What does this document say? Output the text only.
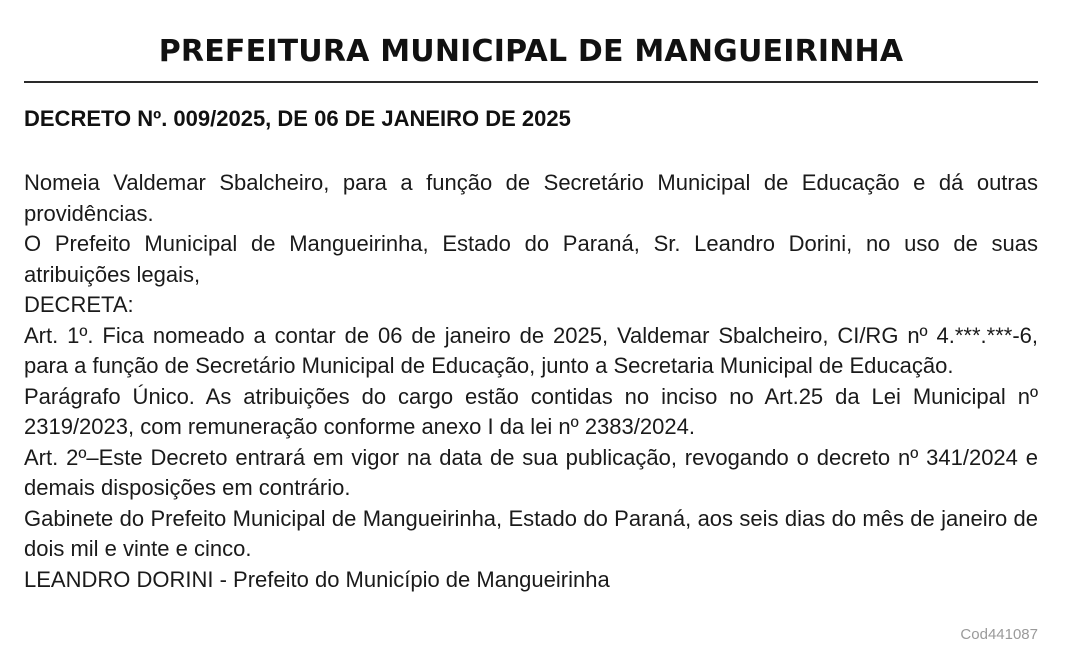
PREFEITURA MUNICIPAL DE MANGUEIRINHA
DECRETO Nº. 009/2025, DE 06 DE JANEIRO DE 2025

Nomeia Valdemar Sbalcheiro, para a função de Secretário Municipal de Educação e dá outras providências.

O Prefeito Municipal de Mangueirinha, Estado do Paraná, Sr. Leandro Dorini, no uso de suas atribuições legais,

DECRETA:

Art. 1º. Fica nomeado a contar de 06 de janeiro de 2025, Valdemar Sbalcheiro, CI/RG nº 4.***.***-6, para a função de Secretário Municipal de Educação, junto a Secretaria Municipal de Educação.

Parágrafo Único. As atribuições do cargo estão contidas no inciso no Art.25 da Lei Municipal nº 2319/2023, com remuneração conforme anexo I da lei nº 2383/2024.

Art. 2º–Este Decreto entrará em vigor na data de sua publicação, revogando o decreto nº 341/2024 e demais disposições em contrário.

Gabinete do Prefeito Municipal de Mangueirinha, Estado do Paraná, aos seis dias do mês de janeiro de dois mil e vinte e cinco.

LEANDRO DORINI - Prefeito do Município de Mangueirinha

Cod441087
